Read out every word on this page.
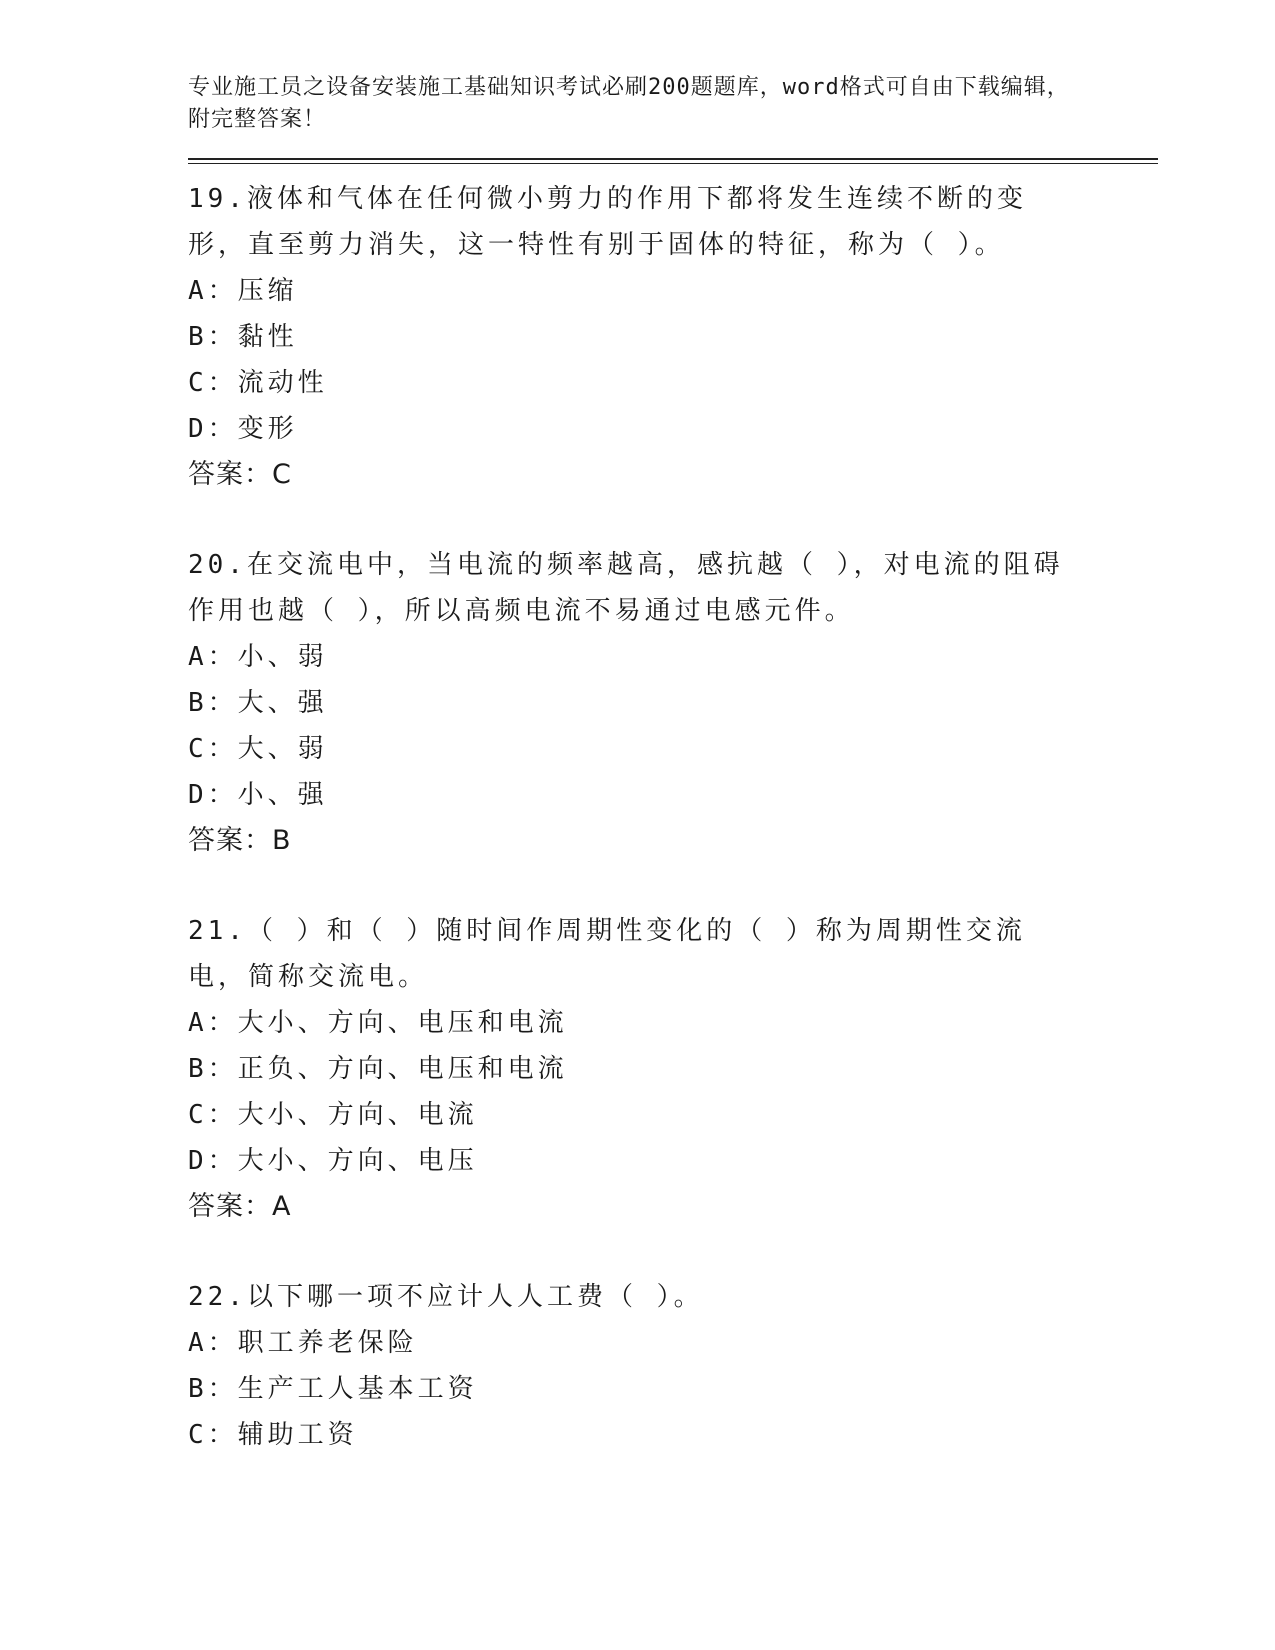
专业施工员之设备安装施工基础知识考试必刷200题题库，word格式可自由下载编辑，附完整答案！
19.液体和气体在任何微小剪力的作用下都将发生连续不断的变形，直至剪力消失，这一特性有别于固体的特征，称为（ ）。
A：压缩
B：黏性
C：流动性
D：变形
答案：C
20.在交流电中，当电流的频率越高，感抗越（ ），对电流的阻碍作用也越（ ），所以高频电流不易通过电感元件。
A：小、弱
B：大、强
C：大、弱
D：小、强
答案：B
21.（ ）和（ ）随时间作周期性变化的（ ）称为周期性交流电，简称交流电。
A：大小、方向、电压和电流
B：正负、方向、电压和电流
C：大小、方向、电流
D：大小、方向、电压
答案：A
22.以下哪一项不应计人人工费（ ）。
A：职工养老保险
B：生产工人基本工资
C：辅助工资
